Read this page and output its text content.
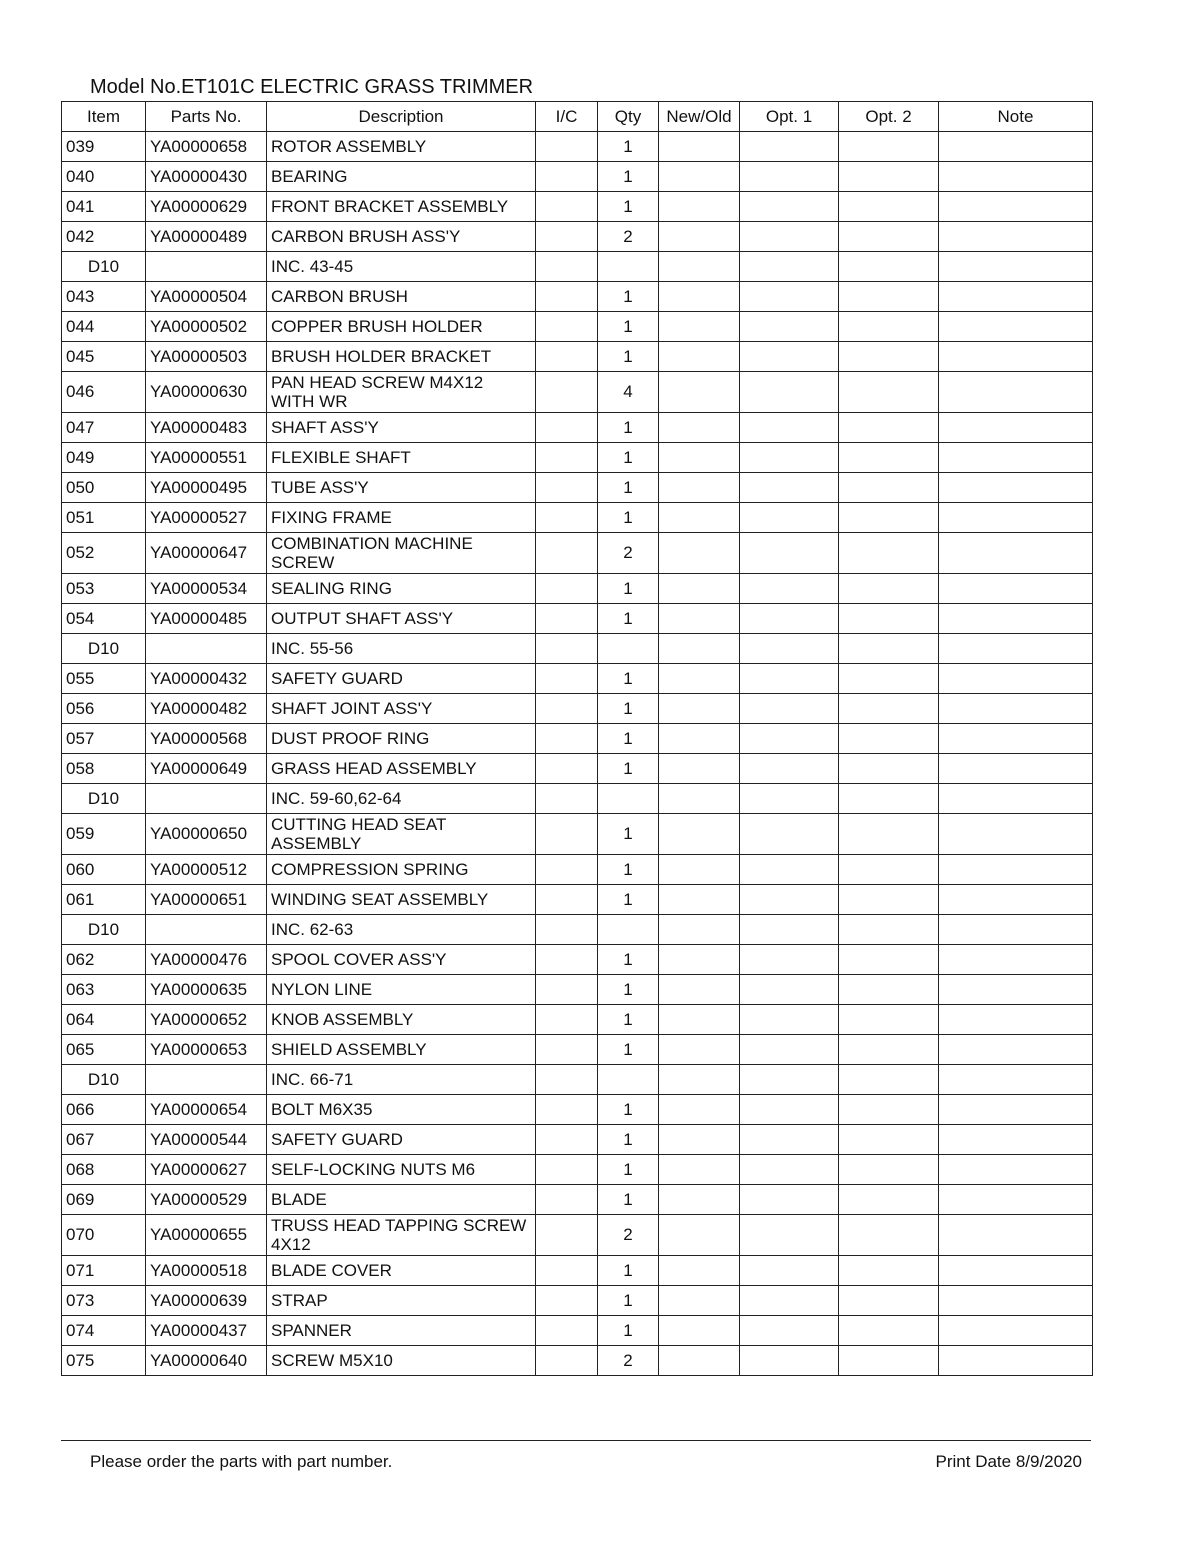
Model No.ET101C ELECTRIC GRASS TRIMMER
Item	Parts No.	Description	I/C	Qty	New/Old	Opt. 1	Opt. 2	Note
039	YA00000658	ROTOR ASSEMBLY		1				
040	YA00000430	BEARING		1				
041	YA00000629	FRONT BRACKET ASSEMBLY		1				
042	YA00000489	CARBON BRUSH ASS'Y		2				
D10		INC. 43-45						
043	YA00000504	CARBON BRUSH		1				
044	YA00000502	COPPER BRUSH HOLDER		1				
045	YA00000503	BRUSH HOLDER BRACKET		1				
046	YA00000630	PAN HEAD SCREW M4X12 WITH WR		4				
047	YA00000483	SHAFT ASS'Y		1				
049	YA00000551	FLEXIBLE SHAFT		1				
050	YA00000495	TUBE ASS'Y		1				
051	YA00000527	FIXING FRAME		1				
052	YA00000647	COMBINATION MACHINE SCREW		2				
053	YA00000534	SEALING RING		1				
054	YA00000485	OUTPUT SHAFT ASS'Y		1				
D10		INC. 55-56						
055	YA00000432	SAFETY GUARD		1				
056	YA00000482	SHAFT JOINT ASS'Y		1				
057	YA00000568	DUST PROOF RING		1				
058	YA00000649	GRASS HEAD ASSEMBLY		1				
D10		INC. 59-60,62-64						
059	YA00000650	CUTTING HEAD SEAT ASSEMBLY		1				
060	YA00000512	COMPRESSION SPRING		1				
061	YA00000651	WINDING SEAT ASSEMBLY		1				
D10		INC. 62-63						
062	YA00000476	SPOOL COVER ASS'Y		1				
063	YA00000635	NYLON LINE		1				
064	YA00000652	KNOB ASSEMBLY		1				
065	YA00000653	SHIELD ASSEMBLY		1				
D10		INC. 66-71						
066	YA00000654	BOLT M6X35		1				
067	YA00000544	SAFETY GUARD		1				
068	YA00000627	SELF-LOCKING NUTS M6		1				
069	YA00000529	BLADE		1				
070	YA00000655	TRUSS HEAD TAPPING SCREW 4X12		2				
071	YA00000518	BLADE COVER		1				
073	YA00000639	STRAP		1				
074	YA00000437	SPANNER		1				
075	YA00000640	SCREW M5X10		2				
Please order the parts with part number.	Print Date 8/9/2020
